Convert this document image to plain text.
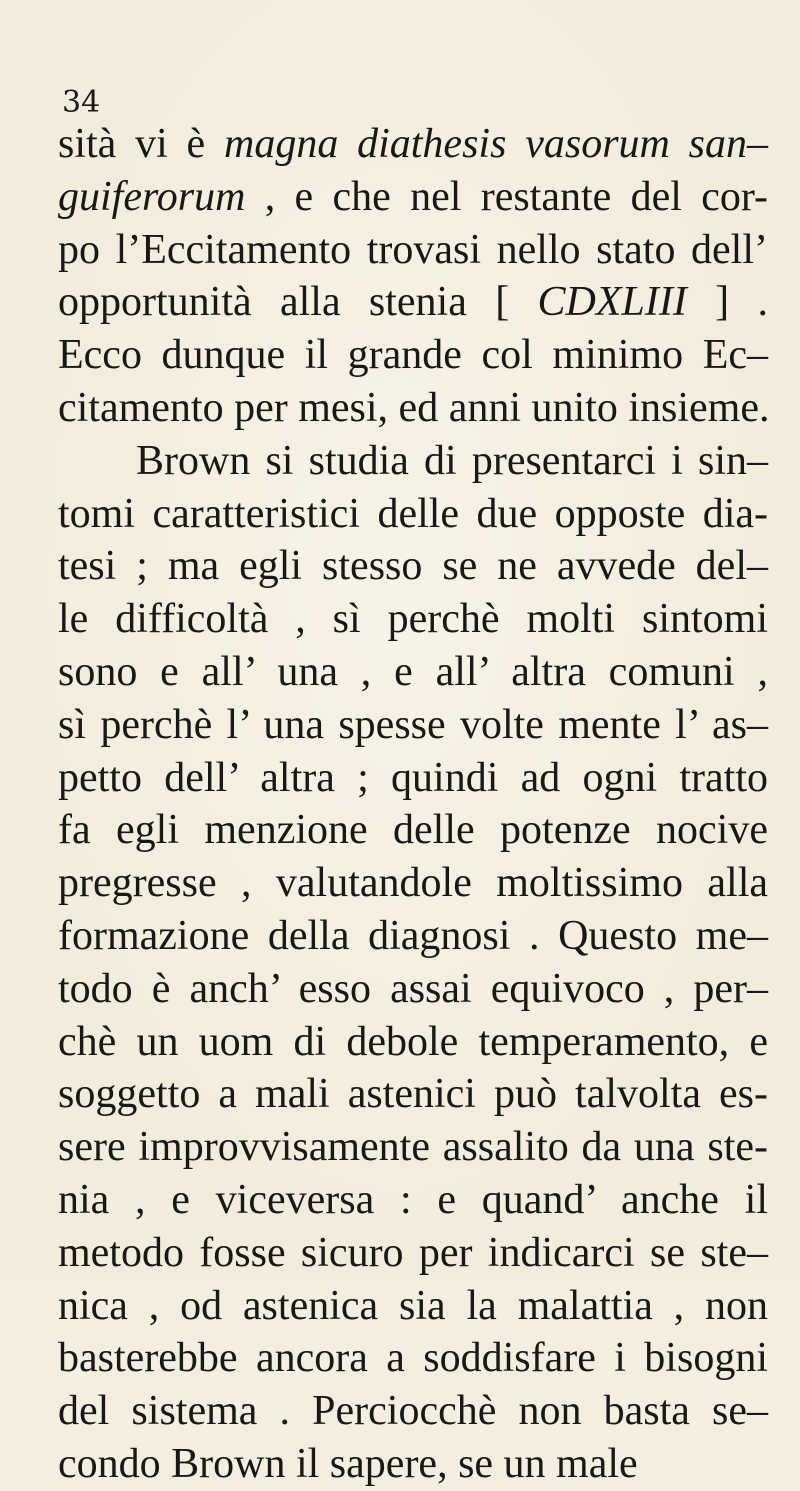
34
sità vi è magna diathesis vasorum san–
guiferorum , e che nel restante del cor-
po l’Eccitamento trovasi nello stato dell’
opportunità alla stenia [ CDXLIII ] .
Ecco dunque il grande col minimo Ec–
citamento per mesi, ed anni unito insieme.
Brown si studia di presentarci i sin–
tomi caratteristici delle due opposte dia-
tesi ; ma egli stesso se ne avvede del–
le difficoltà , sì perchè molti sintomi
sono e all’ una , e all’ altra comuni ,
sì perchè l’ una spesse volte mente l’ as–
petto dell’ altra ; quindi ad ogni tratto
fa egli menzione delle potenze nocive
pregresse , valutandole moltissimo alla
formazione della diagnosi . Questo me–
todo è anch’ esso assai equivoco , per–
chè un uom di debole temperamento, e
soggetto a mali astenici può talvolta es-
sere improvvisamente assalito da una ste-
nia , e viceversa : e quand’ anche il
metodo fosse sicuro per indicarci se ste–
nica , od astenica sia la malattia , non
basterebbe ancora a soddisfare i bisogni
del sistema . Perciocchè non basta se–
condo Brown il sapere, se un male
